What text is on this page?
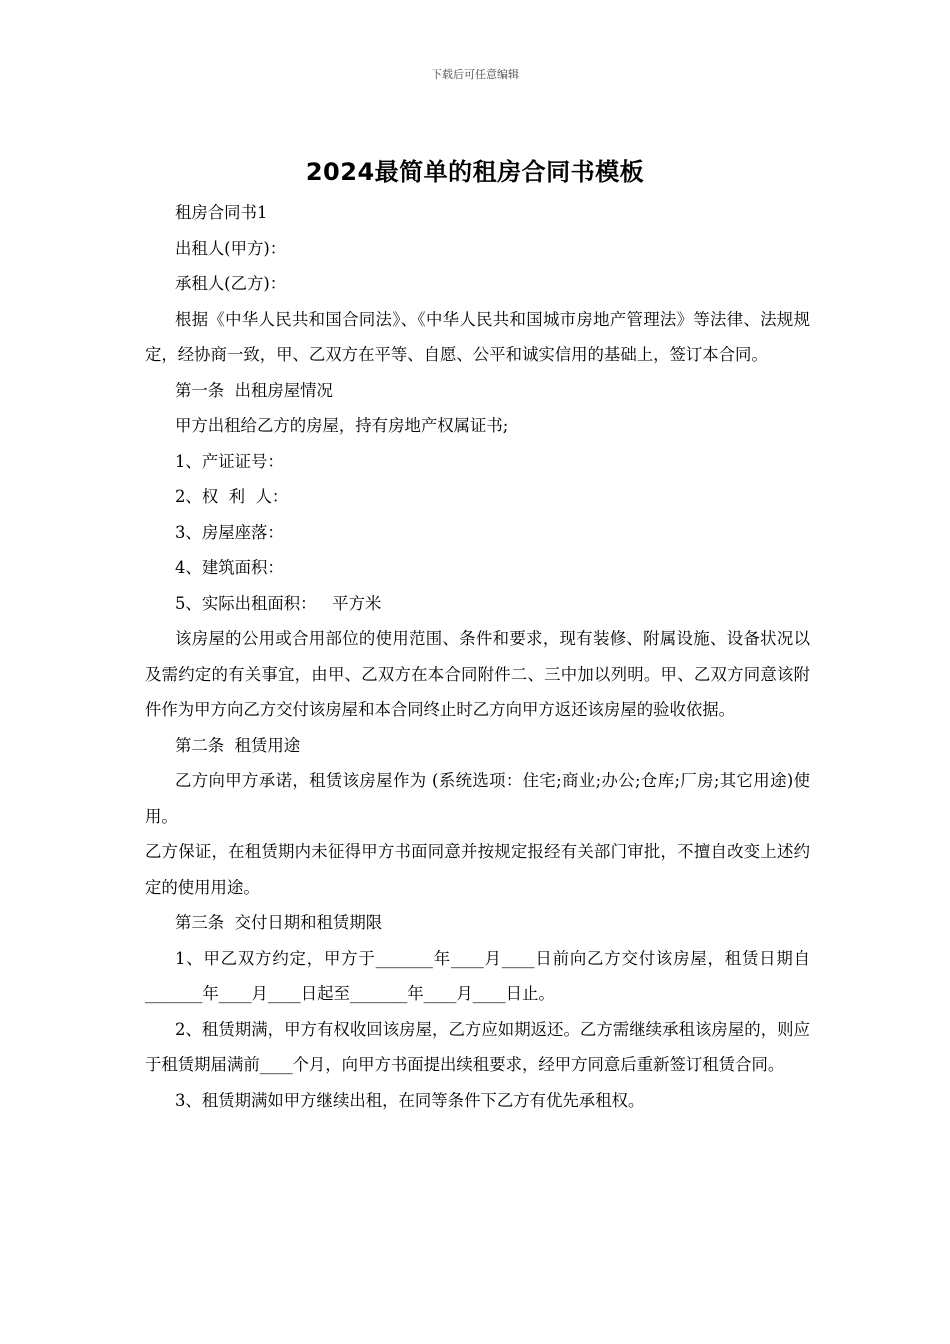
下载后可任意编辑
2024最简单的租房合同书模板

租房合同书1

出租人(甲方)：

承租人(乙方)：

根据《中华人民共和国合同法》、《中华人民共和国城市房地产管理法》等法律、法规规定，经协商一致，甲、乙双方在平等、自愿、公平和诚实信用的基础上，签订本合同。

第一条  出租房屋情况

甲方出租给乙方的房屋，持有房地产权属证书;

1、产证证号：

2、权  利  人：

3、房屋座落：

4、建筑面积：

5、实际出租面积：   平方米

该房屋的公用或合用部位的使用范围、条件和要求，现有装修、附属设施、设备状况以及需约定的有关事宜，由甲、乙双方在本合同附件二、三中加以列明。甲、乙双方同意该附件作为甲方向乙方交付该房屋和本合同终止时乙方向甲方返还该房屋的验收依据。

第二条  租赁用途

乙方向甲方承诺，租赁该房屋作为 (系统选项：住宅;商业;办公;仓库;厂房;其它用途)使用。

乙方保证，在租赁期内未征得甲方书面同意并按规定报经有关部门审批，不擅自改变上述约定的使用用途。

第三条  交付日期和租赁期限

1、甲乙双方约定，甲方于_______年____月____日前向乙方交付该房屋，租赁日期自_______年____月____日起至_______年____月____日止。

2、租赁期满，甲方有权收回该房屋，乙方应如期返还。乙方需继续承租该房屋的，则应于租赁期届满前____个月，向甲方书面提出续租要求，经甲方同意后重新签订租赁合同。

3、租赁期满如甲方继续出租，在同等条件下乙方有优先承租权。
